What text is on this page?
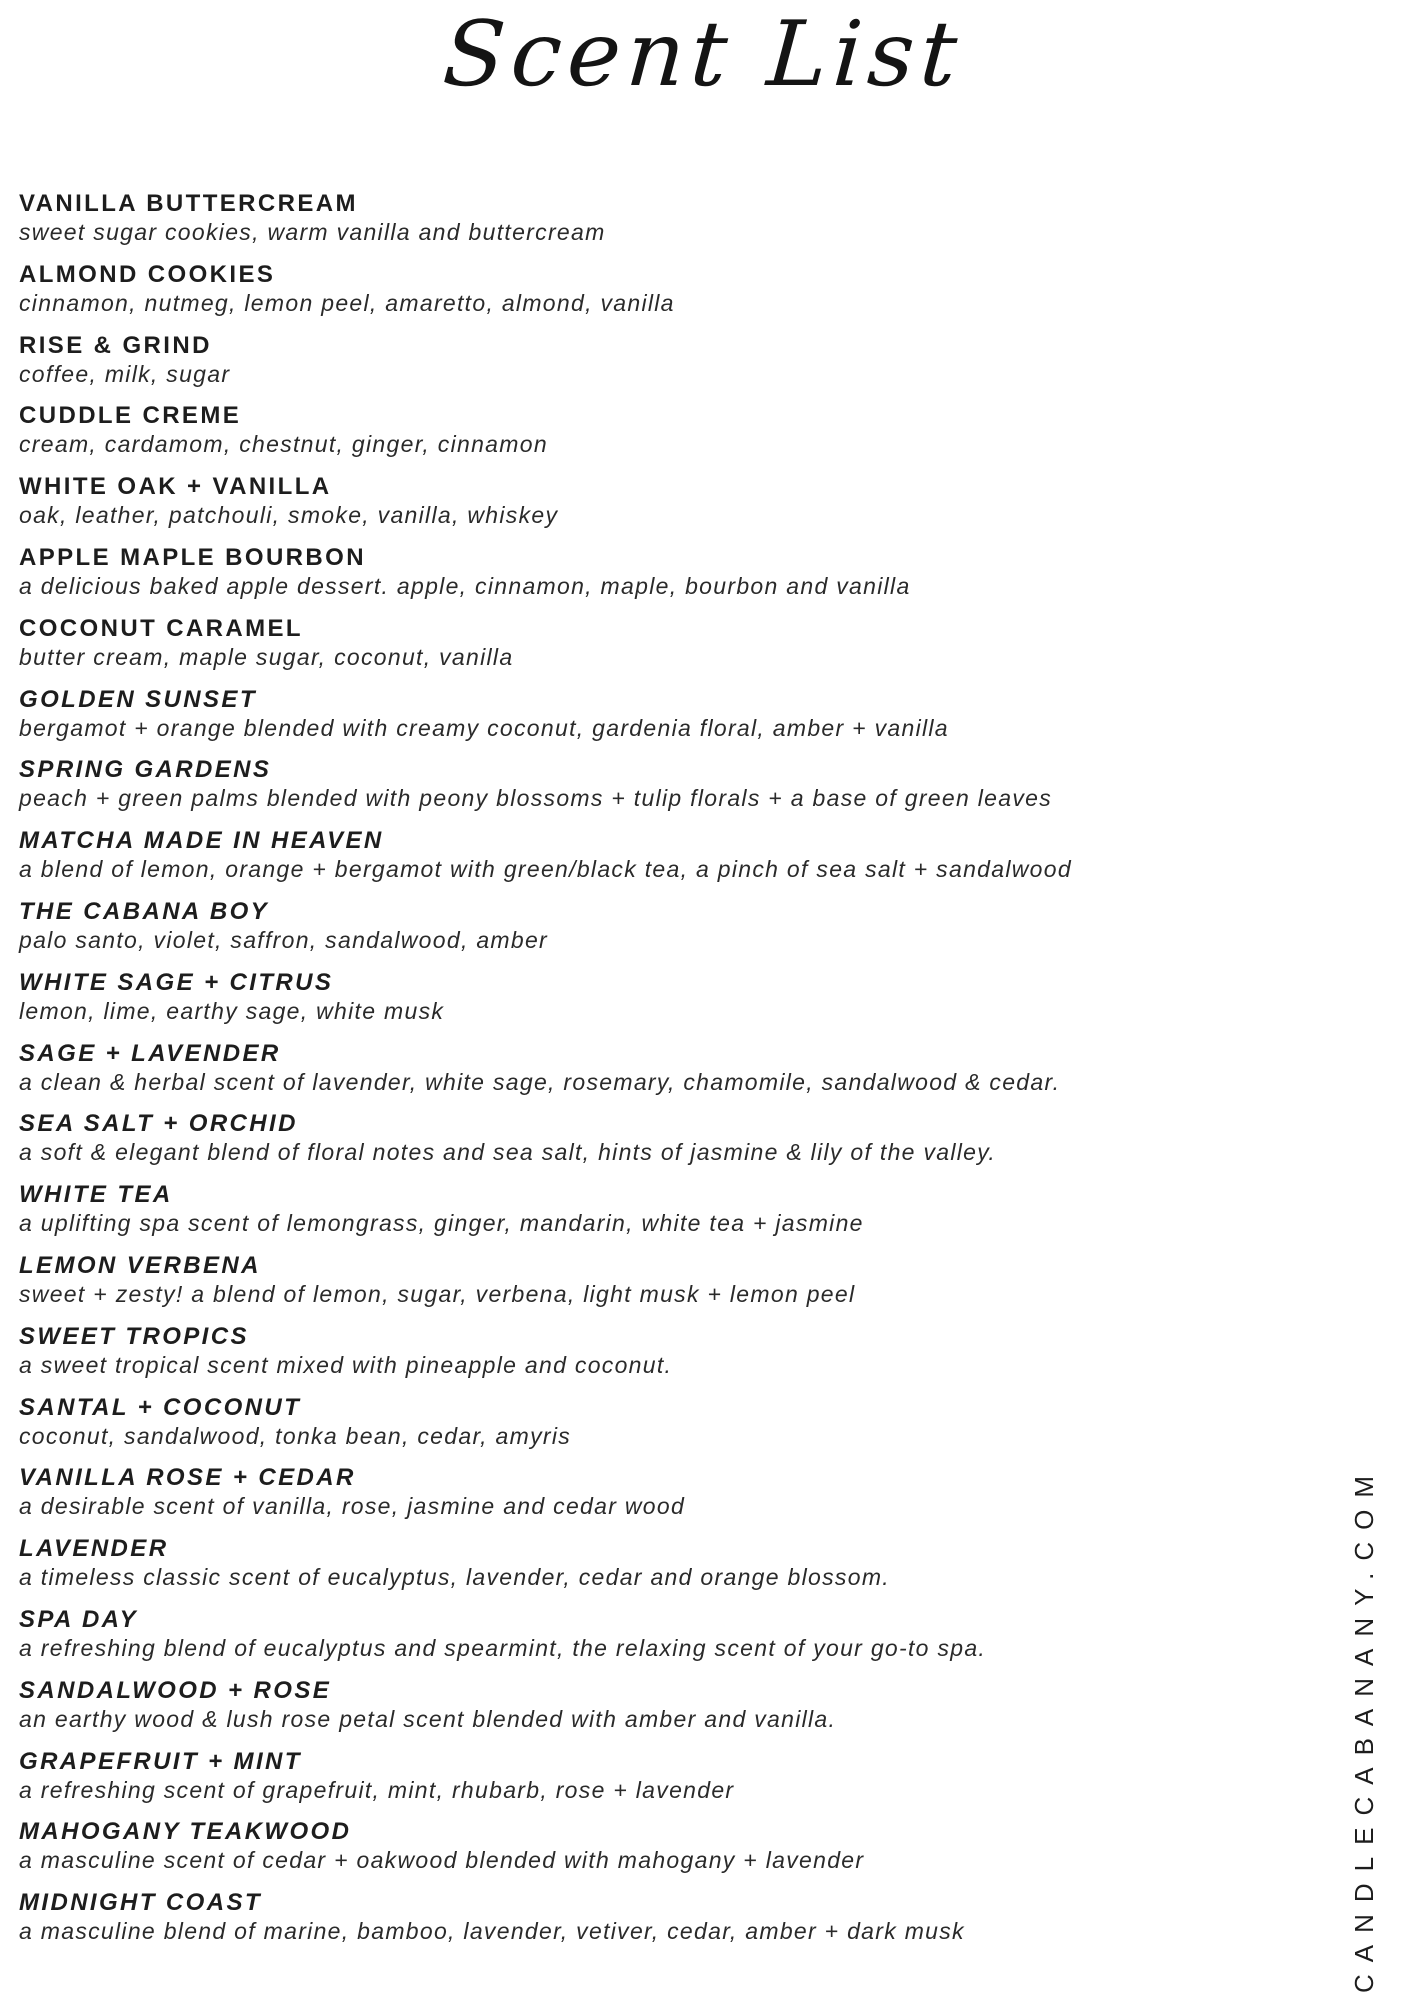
Scent List
VANILLA BUTTERCREAM
sweet sugar cookies, warm vanilla and buttercream
ALMOND COOKIES
cinnamon, nutmeg, lemon peel, amaretto, almond, vanilla
RISE & GRIND
coffee, milk, sugar
CUDDLE CREME
cream, cardamom, chestnut, ginger, cinnamon
WHITE OAK + VANILLA
oak, leather, patchouli, smoke, vanilla, whiskey
APPLE MAPLE BOURBON
a delicious baked apple dessert. apple, cinnamon, maple, bourbon and vanilla
COCONUT CARAMEL
butter cream, maple sugar, coconut, vanilla
GOLDEN SUNSET
bergamot + orange blended with creamy coconut, gardenia floral, amber + vanilla
SPRING GARDENS
peach + green palms blended with peony blossoms + tulip florals + a base of green leaves
MATCHA MADE IN HEAVEN
a blend of lemon, orange + bergamot with green/black tea, a pinch of sea salt + sandalwood
THE CABANA BOY
palo santo, violet, saffron, sandalwood, amber
WHITE SAGE + CITRUS
lemon, lime, earthy sage, white musk
SAGE + LAVENDER
a clean & herbal scent of lavender, white sage, rosemary, chamomile, sandalwood & cedar.
SEA SALT + ORCHID
a soft & elegant blend of floral notes and sea salt, hints of jasmine & lily of the valley.
WHITE TEA
a uplifting spa scent of lemongrass, ginger, mandarin, white tea + jasmine
LEMON VERBENA
sweet + zesty! a blend of lemon, sugar, verbena, light musk + lemon peel
SWEET TROPICS
a sweet tropical scent mixed with pineapple and coconut.
SANTAL + COCONUT
coconut, sandalwood, tonka bean, cedar, amyris
VANILLA ROSE + CEDAR
a desirable scent of vanilla, rose, jasmine and cedar wood
LAVENDER
a timeless classic scent of eucalyptus, lavender, cedar and orange blossom.
SPA DAY
a refreshing blend of eucalyptus and spearmint, the relaxing scent of your go-to spa.
SANDALWOOD + ROSE
an earthy wood & lush rose petal scent blended with amber and vanilla.
GRAPEFRUIT + MINT
a refreshing scent of grapefruit, mint, rhubarb, rose + lavender
MAHOGANY TEAKWOOD
a masculine scent of cedar + oakwood blended with mahogany + lavender
MIDNIGHT COAST
a masculine blend of marine, bamboo, lavender, vetiver, cedar, amber + dark musk	CANDLECABANANY.COM
